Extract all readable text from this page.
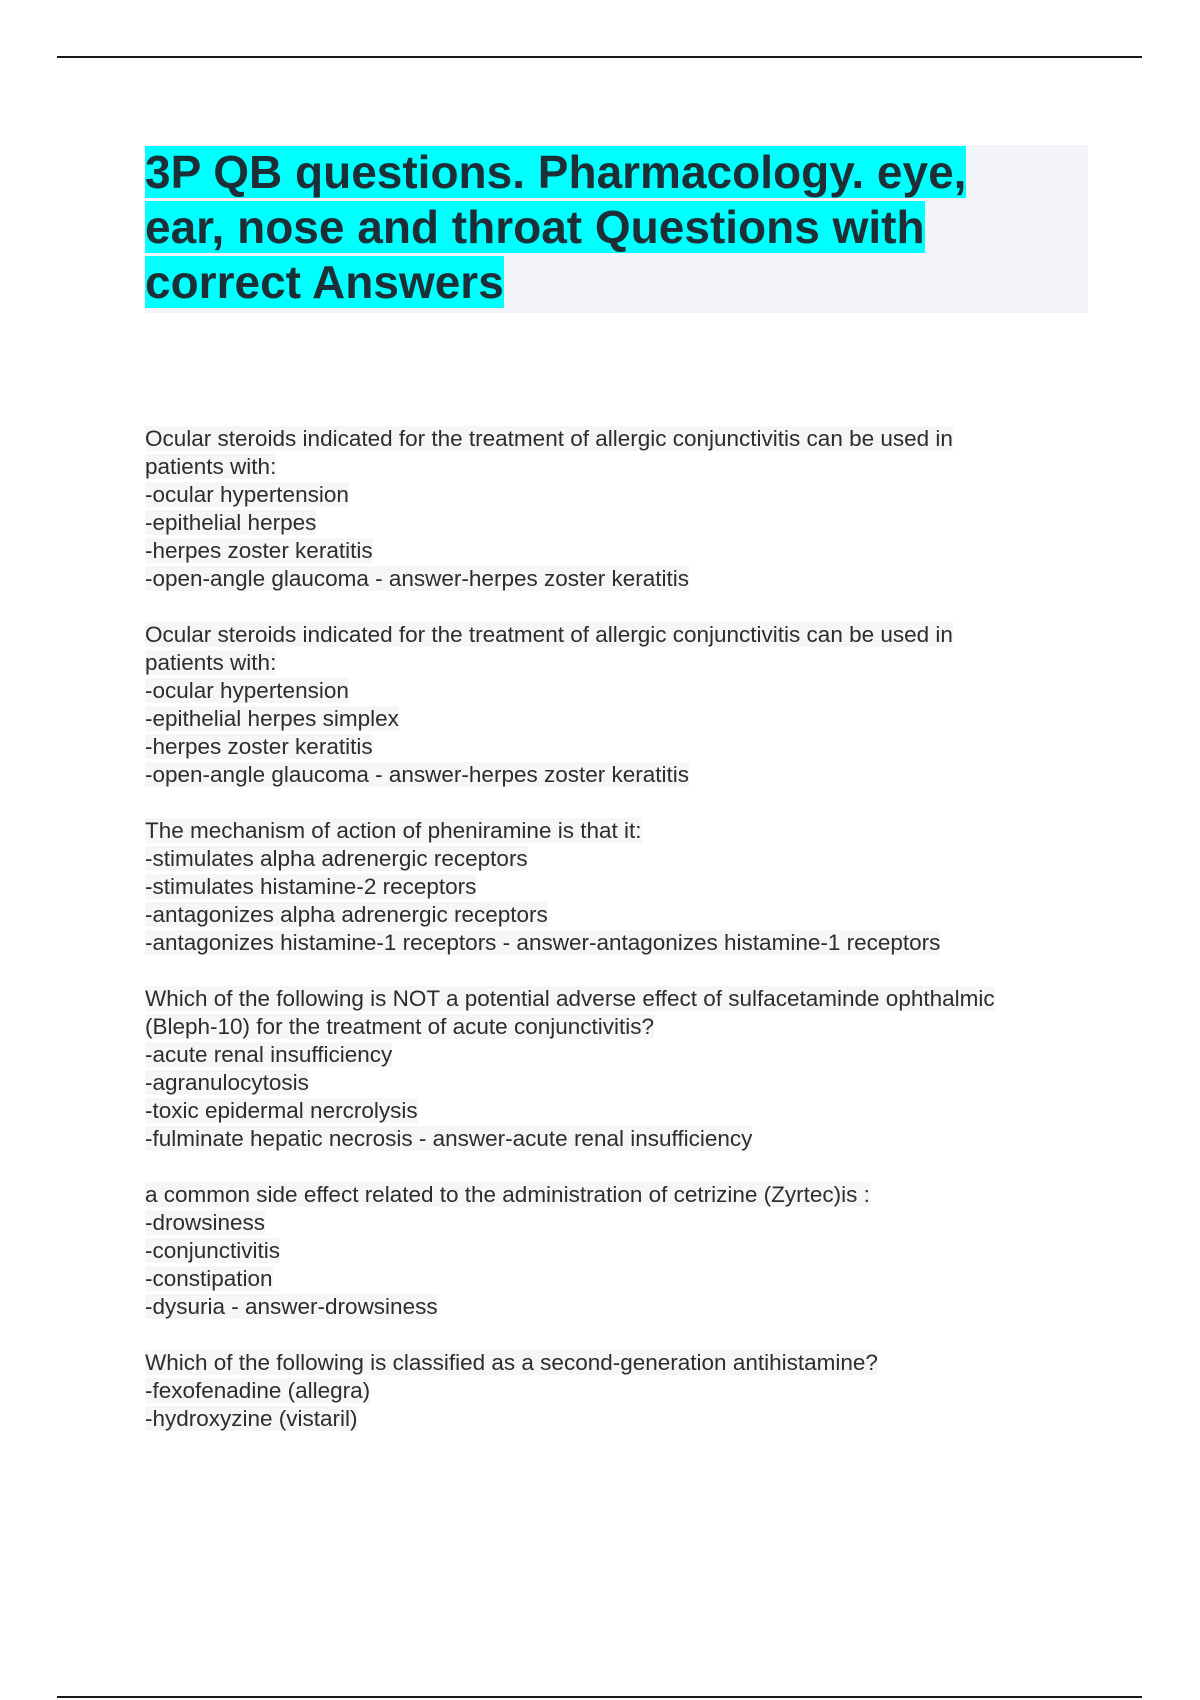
3P QB questions. Pharmacology. eye,
ear, nose and throat Questions with
correct Answers
Ocular steroids indicated for the treatment of allergic conjunctivitis can be used in
patients with:
-ocular hypertension
-epithelial herpes
-herpes zoster keratitis
-open-angle glaucoma - answer-herpes zoster keratitis
Ocular steroids indicated for the treatment of allergic conjunctivitis can be used in
patients with:
-ocular hypertension
-epithelial herpes simplex
-herpes zoster keratitis
-open-angle glaucoma - answer-herpes zoster keratitis
The mechanism of action of pheniramine is that it:
-stimulates alpha adrenergic receptors
-stimulates histamine-2 receptors
-antagonizes alpha adrenergic receptors
-antagonizes histamine-1 receptors - answer-antagonizes histamine-1 receptors
Which of the following is NOT a potential adverse effect of sulfacetaminde ophthalmic
(Bleph-10) for the treatment of acute conjunctivitis?
-acute renal insufficiency
-agranulocytosis
-toxic epidermal nercrolysis
-fulminate hepatic necrosis - answer-acute renal insufficiency
a common side effect related to the administration of cetrizine (Zyrtec)is :
-drowsiness
-conjunctivitis
-constipation
-dysuria - answer-drowsiness
Which of the following is classified as a second-generation antihistamine?
-fexofenadine (allegra)
-hydroxyzine (vistaril)
